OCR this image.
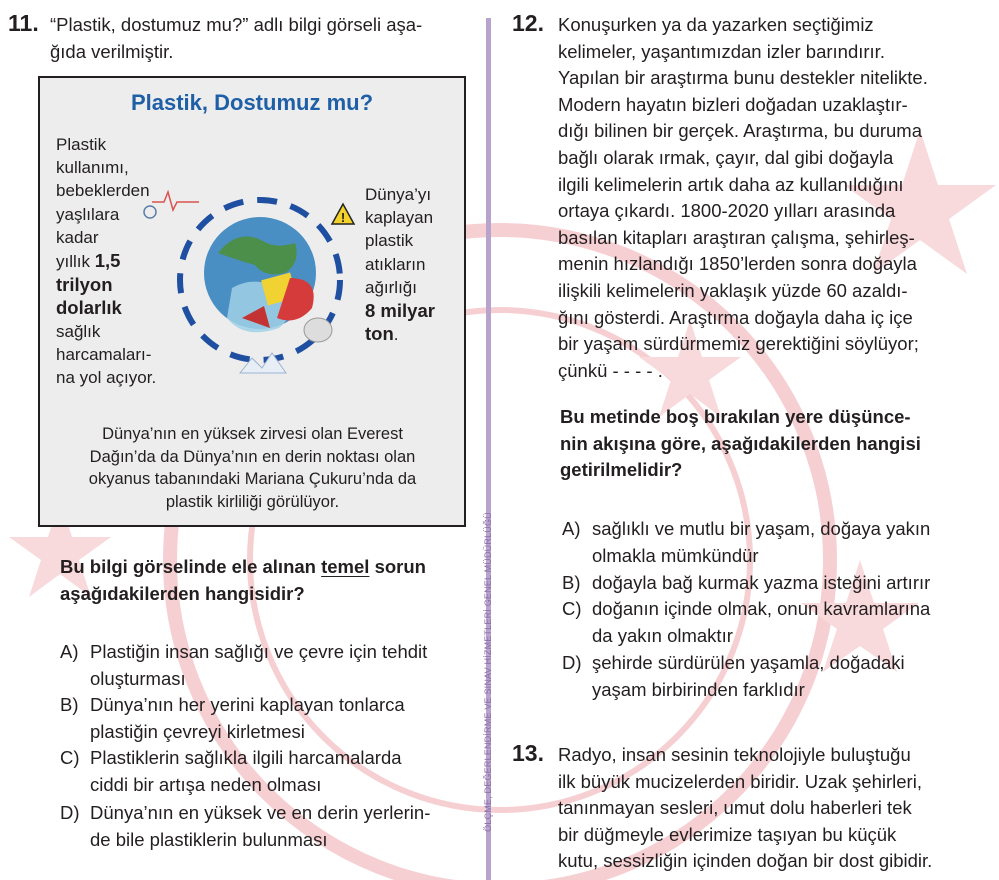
ÖLÇME, DEĞERLENDİRME VE SINAV HİZMETLERİ GENEL MÜDÜRLÜĞÜ
11. “Plastik, dostumuz mu?” adlı bilgi görseli aşa-
ğıda verilmiştir.
Plastik, Dostumuz mu?
Plastik
kullanımı,
bebeklerden
yaşlılara
kadar
yıllık 1,5
trilyon
dolarlık
sağlık
harcamaları-
na yol açıyor.
!
Dünya’yı
kaplayan
plastik
atıkların
ağırlığı
8 milyar
ton.
Dünya’nın en yüksek zirvesi olan Everest
Dağın’da da Dünya’nın en derin noktası olan
okyanus tabanındaki Mariana Çukuru’nda da
plastik kirliliği görülüyor.
Bu bilgi görselinde ele alınan temel sorun
aşağıdakilerden hangisidir?
A) Plastiğin insan sağlığı ve çevre için tehdit
oluşturması
B) Dünya’nın her yerini kaplayan tonlarca
plastiğin çevreyi kirletmesi
C) Plastiklerin sağlıkla ilgili harcamalarda
ciddi bir artışa neden olması
D) Dünya’nın en yüksek ve en derin yerlerin-
de bile plastiklerin bulunması
12. Konuşurken ya da yazarken seçtiğimiz
kelimeler, yaşantımızdan izler barındırır.
Yapılan bir araştırma bunu destekler nitelikte.
Modern hayatın bizleri doğadan uzaklaştır-
dığı bilinen bir gerçek. Araştırma, bu duruma
bağlı olarak ırmak, çayır, dal gibi doğayla
ilgili kelimelerin artık daha az kullanıldığını
ortaya çıkardı. 1800-2020 yılları arasında
basılan kitapları araştıran çalışma, şehirleş-
menin hızlandığı 1850’lerden sonra doğayla
ilişkili kelimelerin yaklaşık yüzde 60 azaldı-
ğını gösterdi. Araştırma doğayla daha iç içe
bir yaşam sürdürmemiz gerektiğini söylüyor;
çünkü - - - - .
Bu metinde boş bırakılan yere düşünce-
nin akışına göre, aşağıdakilerden hangisi
getirilmelidir?
A) sağlıklı ve mutlu bir yaşam, doğaya yakın
olmakla mümkündür
B) doğayla bağ kurmak yazma isteğini artırır
C) doğanın içinde olmak, onun kavramlarına
da yakın olmaktır
D) şehirde sürdürülen yaşamla, doğadaki
yaşam birbirinden farklıdır
13. Radyo, insan sesinin teknolojiyle buluştuğu
ilk büyük mucizelerden biridir. Uzak şehirleri,
tanınmayan sesleri, umut dolu haberleri tek
bir düğmeyle evlerimize taşıyan bu küçük
kutu, sessizliğin içinden doğan bir dost gibidir.
